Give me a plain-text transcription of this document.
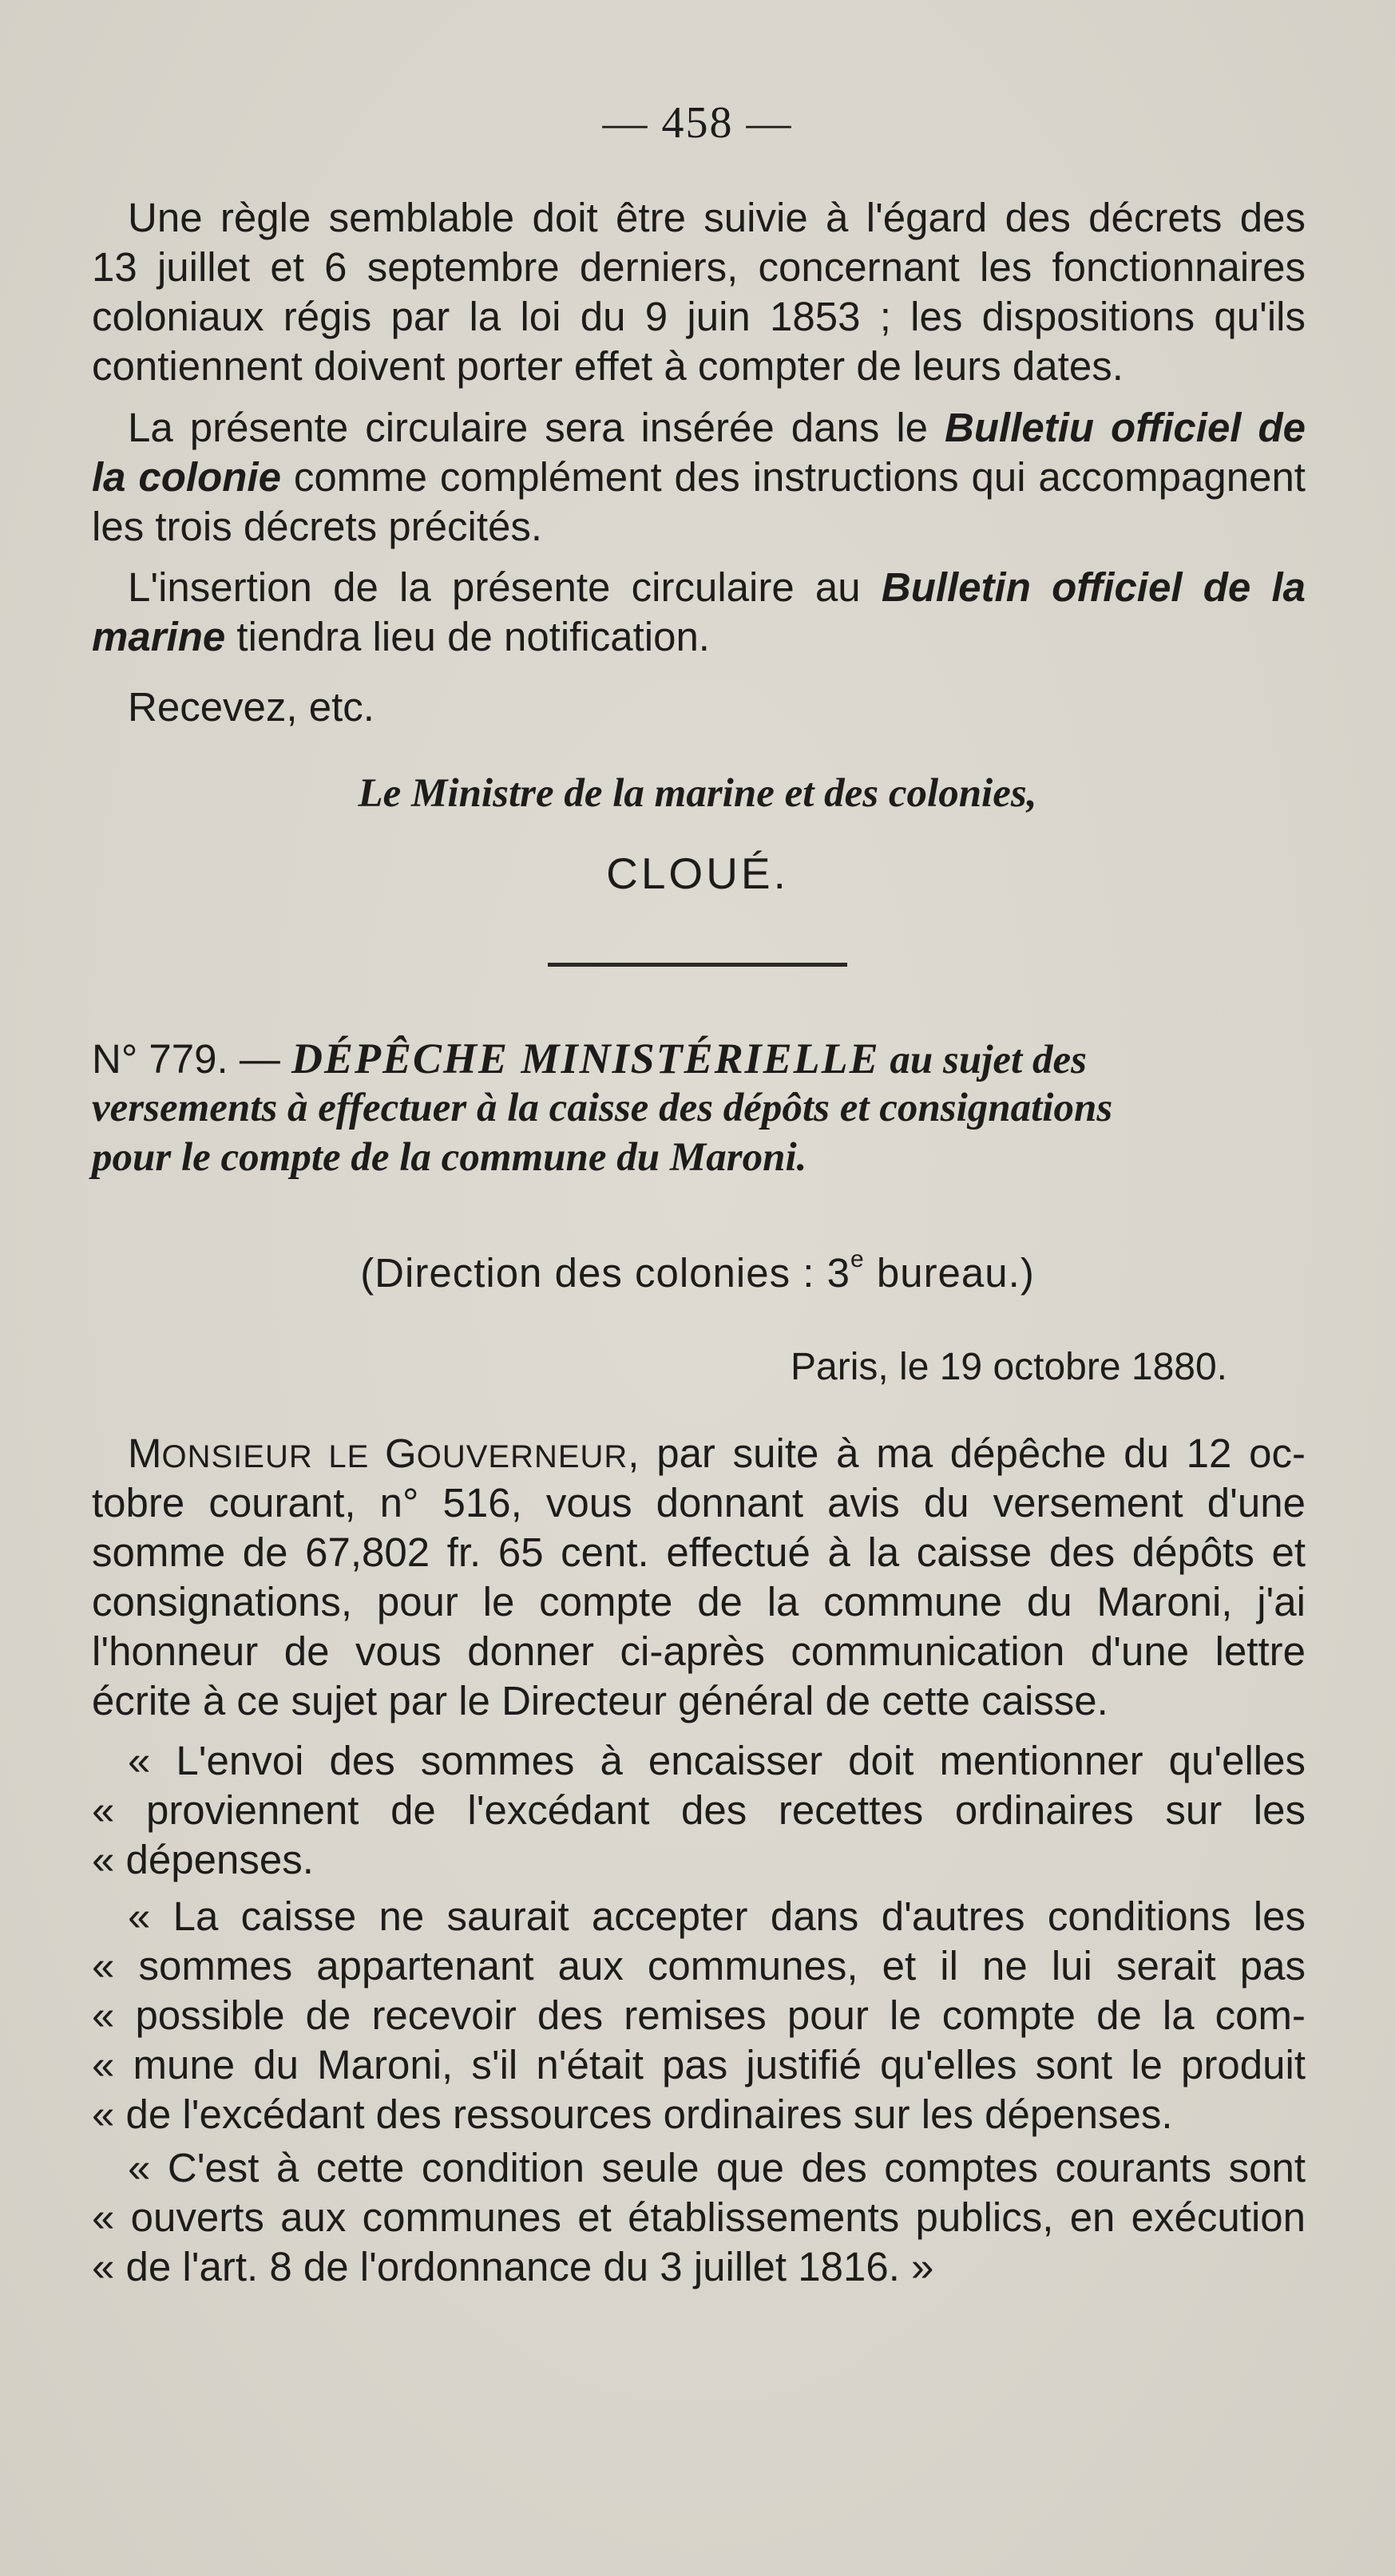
— 458 —
Une règle semblable doit être suivie à l'égard des décrets des
13 juillet et 6 septembre derniers, concernant les fonctionnaires
coloniaux régis par la loi du 9 juin 1853 ; les dispositions qu'ils
contiennent doivent porter effet à compter de leurs dates.
La présente circulaire sera insérée dans le Bulletiu officiel de
la colonie comme complément des instructions qui accompagnent
les trois décrets précités.
L'insertion de la présente circulaire au Bulletin officiel de la
marine tiendra lieu de notification.
Recevez, etc.
Le Ministre de la marine et des colonies,
CLOUÉ.
N° 779. — DÉPÊCHE MINISTÉRIELLE au sujet des
versements à effectuer à la caisse des dépôts et consignations
pour le compte de la commune du Maroni.
(Direction des colonies : 3e bureau.)
Paris, le 19 octobre 1880.
MONSIEUR LE GOUVERNEUR, par suite à ma dépêche du 12 oc-
tobre courant, n° 516, vous donnant avis du versement d'une
somme de 67,802 fr. 65 cent. effectué à la caisse des dépôts et
consignations, pour le compte de la commune du Maroni, j'ai
l'honneur de vous donner ci-après communication d'une lettre
écrite à ce sujet par le Directeur général de cette caisse.
« L'envoi des sommes à encaisser doit mentionner qu'elles
« proviennent de l'excédant des recettes ordinaires sur les
« dépenses.
« La caisse ne saurait accepter dans d'autres conditions les
« sommes appartenant aux communes, et il ne lui serait pas
« possible de recevoir des remises pour le compte de la com-
« mune du Maroni, s'il n'était pas justifié qu'elles sont le produit
« de l'excédant des ressources ordinaires sur les dépenses.
« C'est à cette condition seule que des comptes courants sont
« ouverts aux communes et établissements publics, en exécution
« de l'art. 8 de l'ordonnance du 3 juillet 1816. »
